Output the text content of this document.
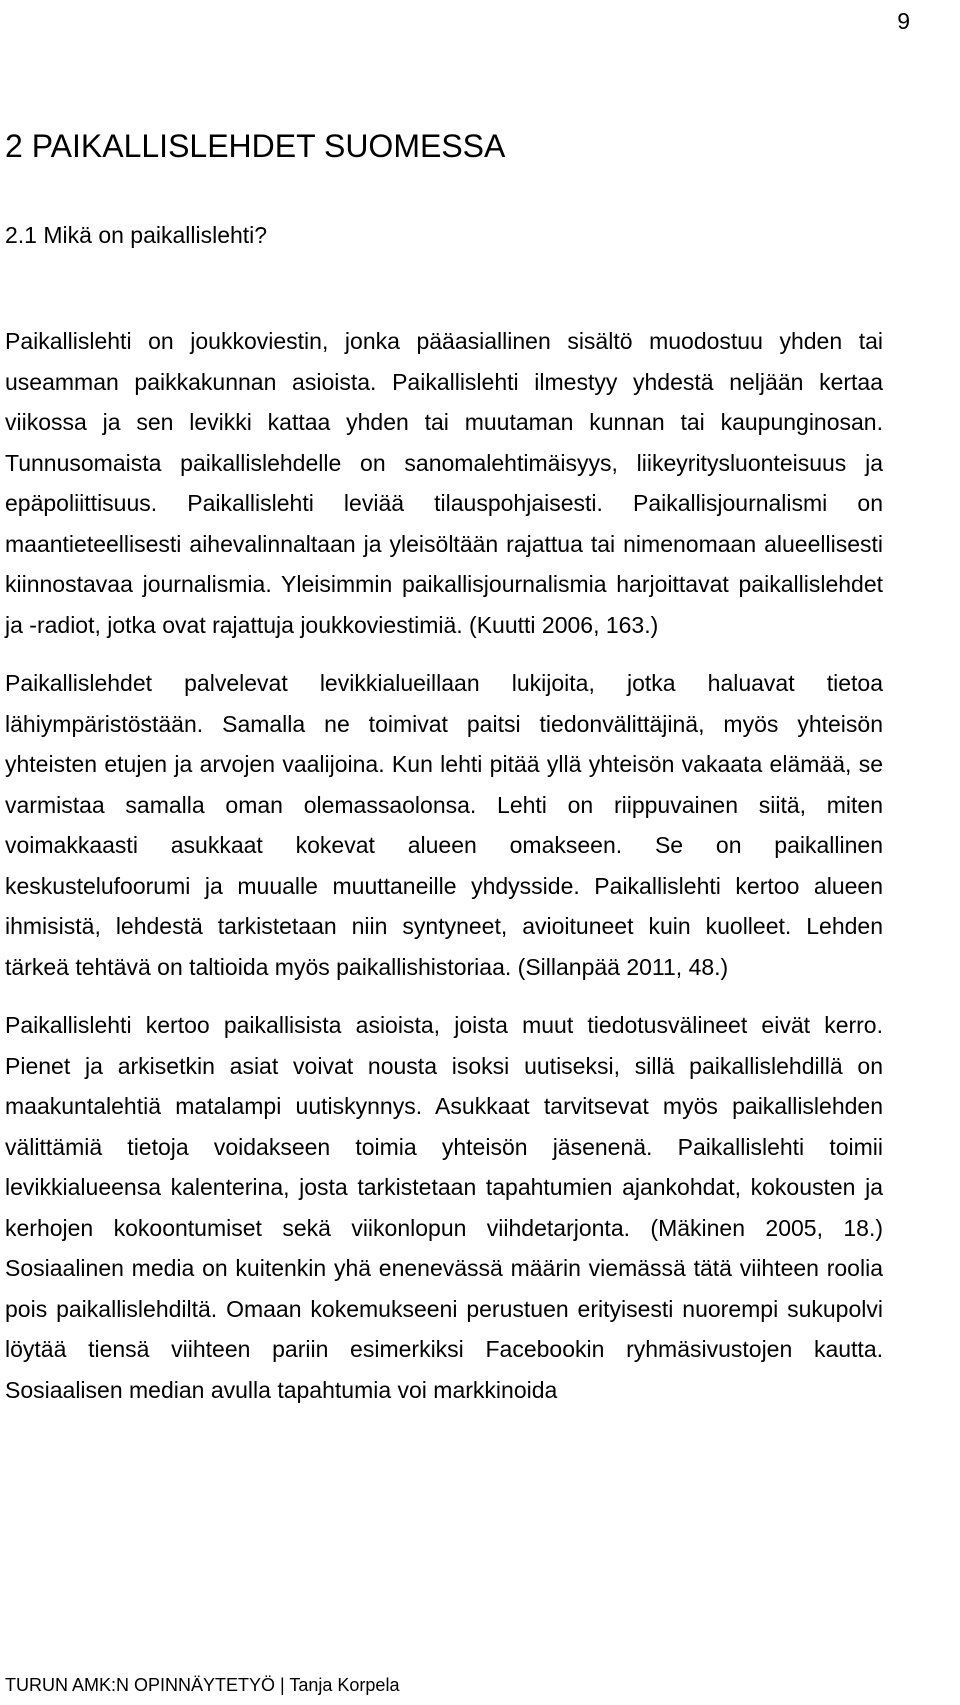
9
2.1 Mikä on paikallislehti?
2 PAIKALLISLEHDET SUOMESSA

Paikallislehti on joukkoviestin, jonka pääasiallinen sisältö muodostuu yhden tai useamman paikkakunnan asioista. Paikallislehti ilmestyy yhdestä neljään kertaa viikossa ja sen levikki kattaa yhden tai muutaman kunnan tai kaupunginosan. Tunnusomaista paikallislehdelle on sanomalehtimäisyys, liikeyritysluonteisuus ja epäpoliittisuus. Paikallislehti leviää tilauspohjaisesti. Paikallisjournalismi on maantieteellisesti aihevalinnaltaan ja yleisöltään rajattua tai nimenomaan alueellisesti kiinnostavaa journalismia. Yleisimmin paikallisjournalismia harjoittavat paikallislehdet ja -radiot, jotka ovat rajattuja joukkoviestimiä. (Kuutti 2006, 163.)

Paikallislehdet palvelevat levikkialueillaan lukijoita, jotka haluavat tietoa lähiympäristöstään. Samalla ne toimivat paitsi tiedonvälittäjinä, myös yhteisön yhteisten etujen ja arvojen vaalijoina. Kun lehti pitää yllä yhteisön vakaata elämää, se varmistaa samalla oman olemassaolonsa. Lehti on riippuvainen siitä, miten voimakkaasti asukkaat kokevat alueen omakseen. Se on paikallinen keskustelufoorumi ja muualle muuttaneille yhdysside. Paikallislehti kertoo alueen ihmisistä, lehdestä tarkistetaan niin syntyneet, avioituneet kuin kuolleet. Lehden tärkeä tehtävä on taltioida myös paikallishistoriaa. (Sillanpää 2011, 48.)

Paikallislehti kertoo paikallisista asioista, joista muut tiedotusvälineet eivät kerro. Pienet ja arkisetkin asiat voivat nousta isoksi uutiseksi, sillä paikallislehdillä on maakuntalehtiä matalampi uutiskynnys. Asukkaat tarvitsevat myös paikallislehden välittämiä tietoja voidakseen toimia yhteisön jäsenenä. Paikallislehti toimii levikkialueensa kalenterina, josta tarkistetaan tapahtumien ajankohdat, kokousten ja kerhojen kokoontumiset sekä viikonlopun viihdetarjonta. (Mäkinen 2005, 18.) Sosiaalinen media on kuitenkin yhä enenevässä määrin viemässä tätä viihteen roolia pois paikallislehdiltä. Omaan kokemukseeni perustuen erityisesti nuorempi sukupolvi löytää tiensä viihteen pariin esimerkiksi Facebookin ryhmäsivustojen kautta. Sosiaalisen median avulla tapahtumia voi markkinoida

TURUN AMK:N OPINNÄYTETYÖ | Tanja Korpela
